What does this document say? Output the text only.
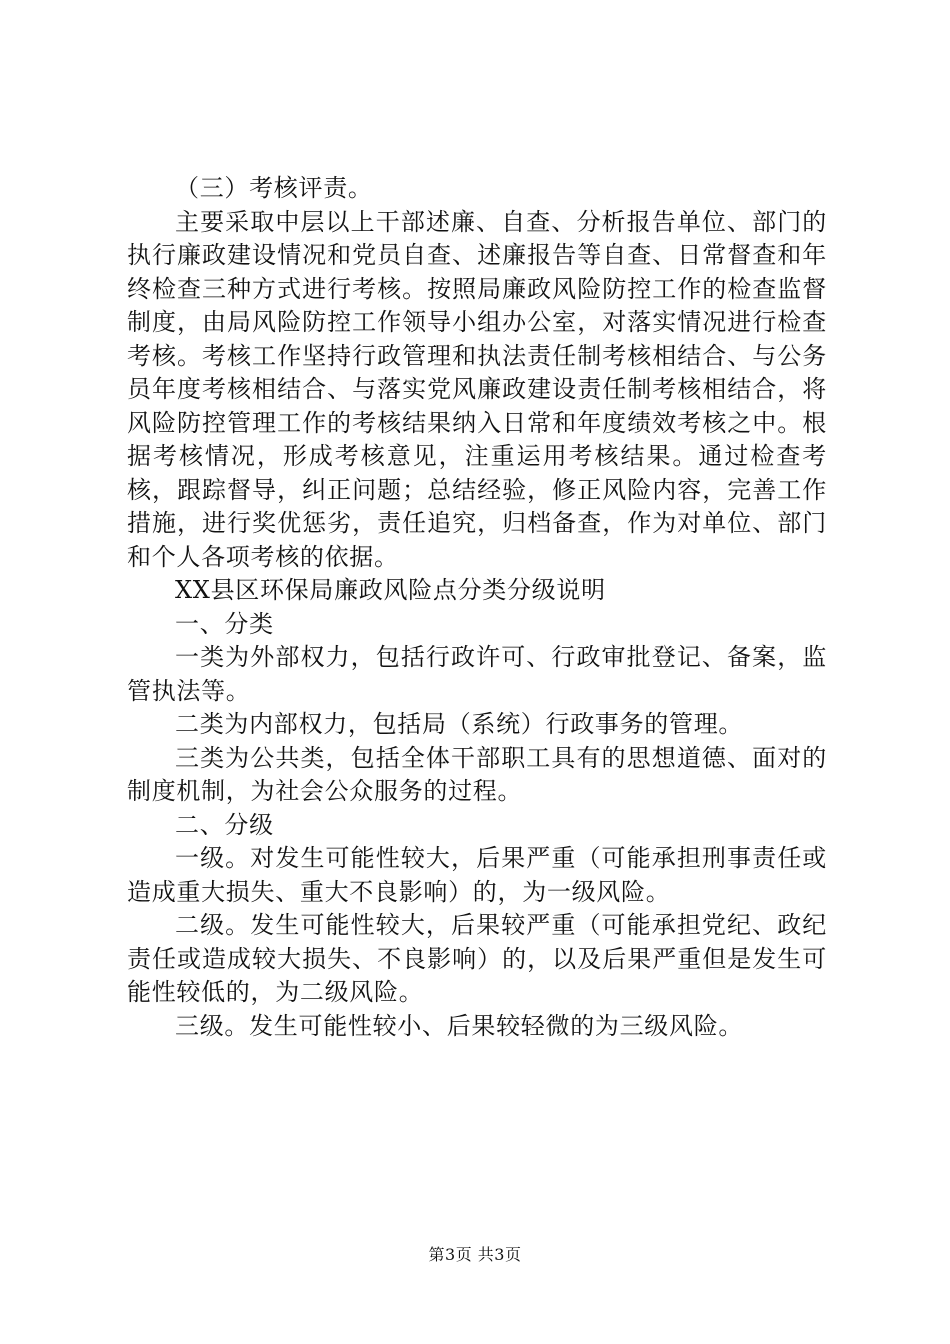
（三）考核评责。

主要采取中层以上干部述廉、自查、分析报告单位、部门的执行廉政建设情况和党员自查、述廉报告等自查、日常督查和年终检查三种方式进行考核。按照局廉政风险防控工作的检查监督制度，由局风险防控工作领导小组办公室，对落实情况进行检查考核。考核工作坚持行政管理和执法责任制考核相结合、与公务员年度考核相结合、与落实党风廉政建设责任制考核相结合，将风险防控管理工作的考核结果纳入日常和年度绩效考核之中。根据考核情况，形成考核意见，注重运用考核结果。通过检查考核，跟踪督导，纠正问题；总结经验，修正风险内容，完善工作措施，进行奖优惩劣，责任追究，归档备查，作为对单位、部门和个人各项考核的依据。

XX县区环保局廉政风险点分类分级说明

一、分类

一类为外部权力，包括行政许可、行政审批登记、备案，监管执法等。

二类为内部权力，包括局（系统）行政事务的管理。

三类为公共类，包括全体干部职工具有的思想道德、面对的制度机制，为社会公众服务的过程。

二、分级

一级。对发生可能性较大，后果严重（可能承担刑事责任或造成重大损失、重大不良影响）的，为一级风险。

二级。发生可能性较大，后果较严重（可能承担党纪、政纪责任或造成较大损失、不良影响）的，以及后果严重但是发生可能性较低的，为二级风险。

三级。发生可能性较小、后果较轻微的为三级风险。

第3页 共3页
